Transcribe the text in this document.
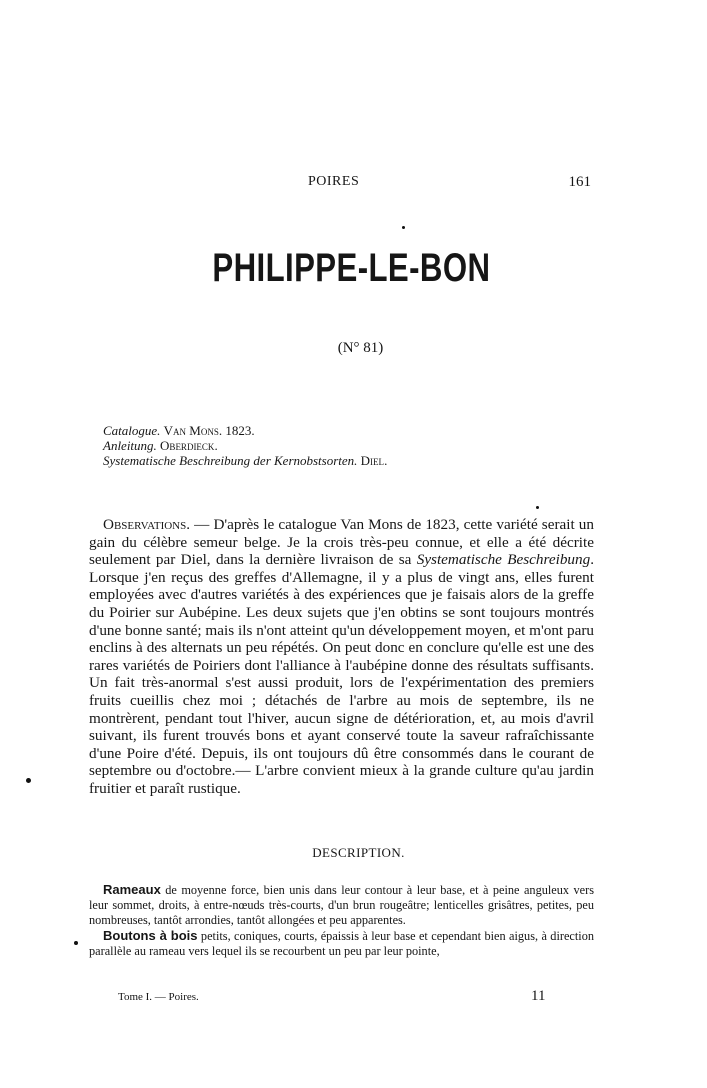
POIRES	161
PHILIPPE-LE-BON
(N° 81)
Catalogue. Van Mons. 1823.
Anleitung. Oberdieck.
Systematische Beschreibung der Kernobstsorten. Diel.

Observations. — D'après le catalogue Van Mons de 1823, cette variété serait un gain du célèbre semeur belge. Je la crois très-peu connue, et elle a été décrite seulement par Diel, dans la dernière livraison de sa Systematische Beschreibung. Lorsque j'en reçus des greffes d'Allemagne, il y a plus de vingt ans, elles furent employées avec d'autres variétés à des expériences que je faisais alors de la greffe du Poirier sur Aubépine. Les deux sujets que j'en obtins se sont toujours montrés d'une bonne santé; mais ils n'ont atteint qu'un développement moyen, et m'ont paru enclins à des alternats un peu répétés. On peut donc en conclure qu'elle est une des rares variétés de Poiriers dont l'alliance à l'aubépine donne des résultats suffisants. Un fait très-anormal s'est aussi produit, lors de l'expérimentation des premiers fruits cueillis chez moi ; détachés de l'arbre au mois de septembre, ils ne montrèrent, pendant tout l'hiver, aucun signe de détérioration, et, au mois d'avril suivant, ils furent trouvés bons et ayant conservé toute la saveur rafraîchissante d'une Poire d'été. Depuis, ils ont toujours dû être consommés dans le courant de septembre ou d'octobre.— L'arbre convient mieux à la grande culture qu'au jardin fruitier et paraît rustique.

DESCRIPTION.

Rameaux de moyenne force, bien unis dans leur contour à leur base, et à peine anguleux vers leur sommet, droits, à entre-nœuds très-courts, d'un brun rougeâtre; lenticelles grisâtres, petites, peu nombreuses, tantôt arrondies, tantôt allongées et peu apparentes.

Boutons à bois petits, coniques, courts, épaissis à leur base et cependant bien aigus, à direction parallèle au rameau vers lequel ils se recourbent un peu par leur pointe,

Tome I. — Poires.	11
